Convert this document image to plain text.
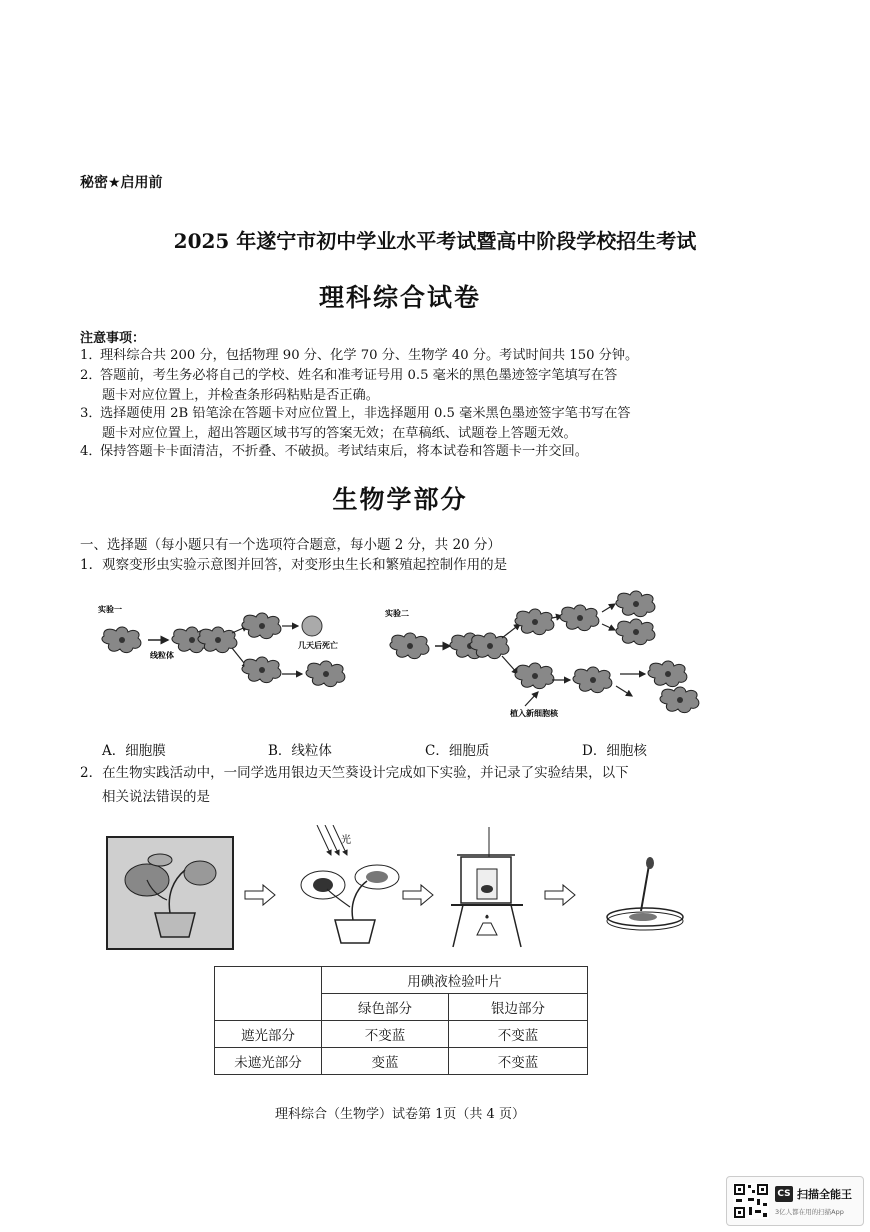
秘密★启用前
2025 年遂宁市初中学业水平考试暨高中阶段学校招生考试
理科综合试卷
注意事项：
1．理科综合共 200 分，包括物理 90 分、化学 70 分、生物学 40 分。考试时间共 150 分钟。
2．答题前，考生务必将自己的学校、姓名和准考证号用 0.5 毫米的黑色墨迹签字笔填写在答
题卡对应位置上，并检查条形码粘贴是否正确。
3．选择题使用 2B 铅笔涂在答题卡对应位置上，非选择题用 0.5 毫米黑色墨迹签字笔书写在答
题卡对应位置上，超出答题区域书写的答案无效；在草稿纸、试题卷上答题无效。
4．保持答题卡卡面清洁，不折叠、不破损。考试结束后，将本试卷和答题卡一并交回。
生物学部分
一、选择题（每小题只有一个选项符合题意，每小题 2 分，共 20 分）
1．观察变形虫实验示意图并回答，对变形虫生长和繁殖起控制作用的是
实验一
线粒体
几天后死亡
实验二
植入新细胞核
A．细胞膜	B．线粒体	C．细胞质	D．细胞核
2．在生物实践活动中，一同学选用银边天竺葵设计完成如下实验，并记录了实验结果，以下
相关说法错误的是
光
	用碘液检验叶片	
	绿色部分	银边部分
遮光部分	不变蓝	不变蓝
未遮光部分	变蓝	不变蓝
理科综合（生物学）试卷第 1页（共 4 页）
CS 扫描全能王
3亿人都在用的扫描App
